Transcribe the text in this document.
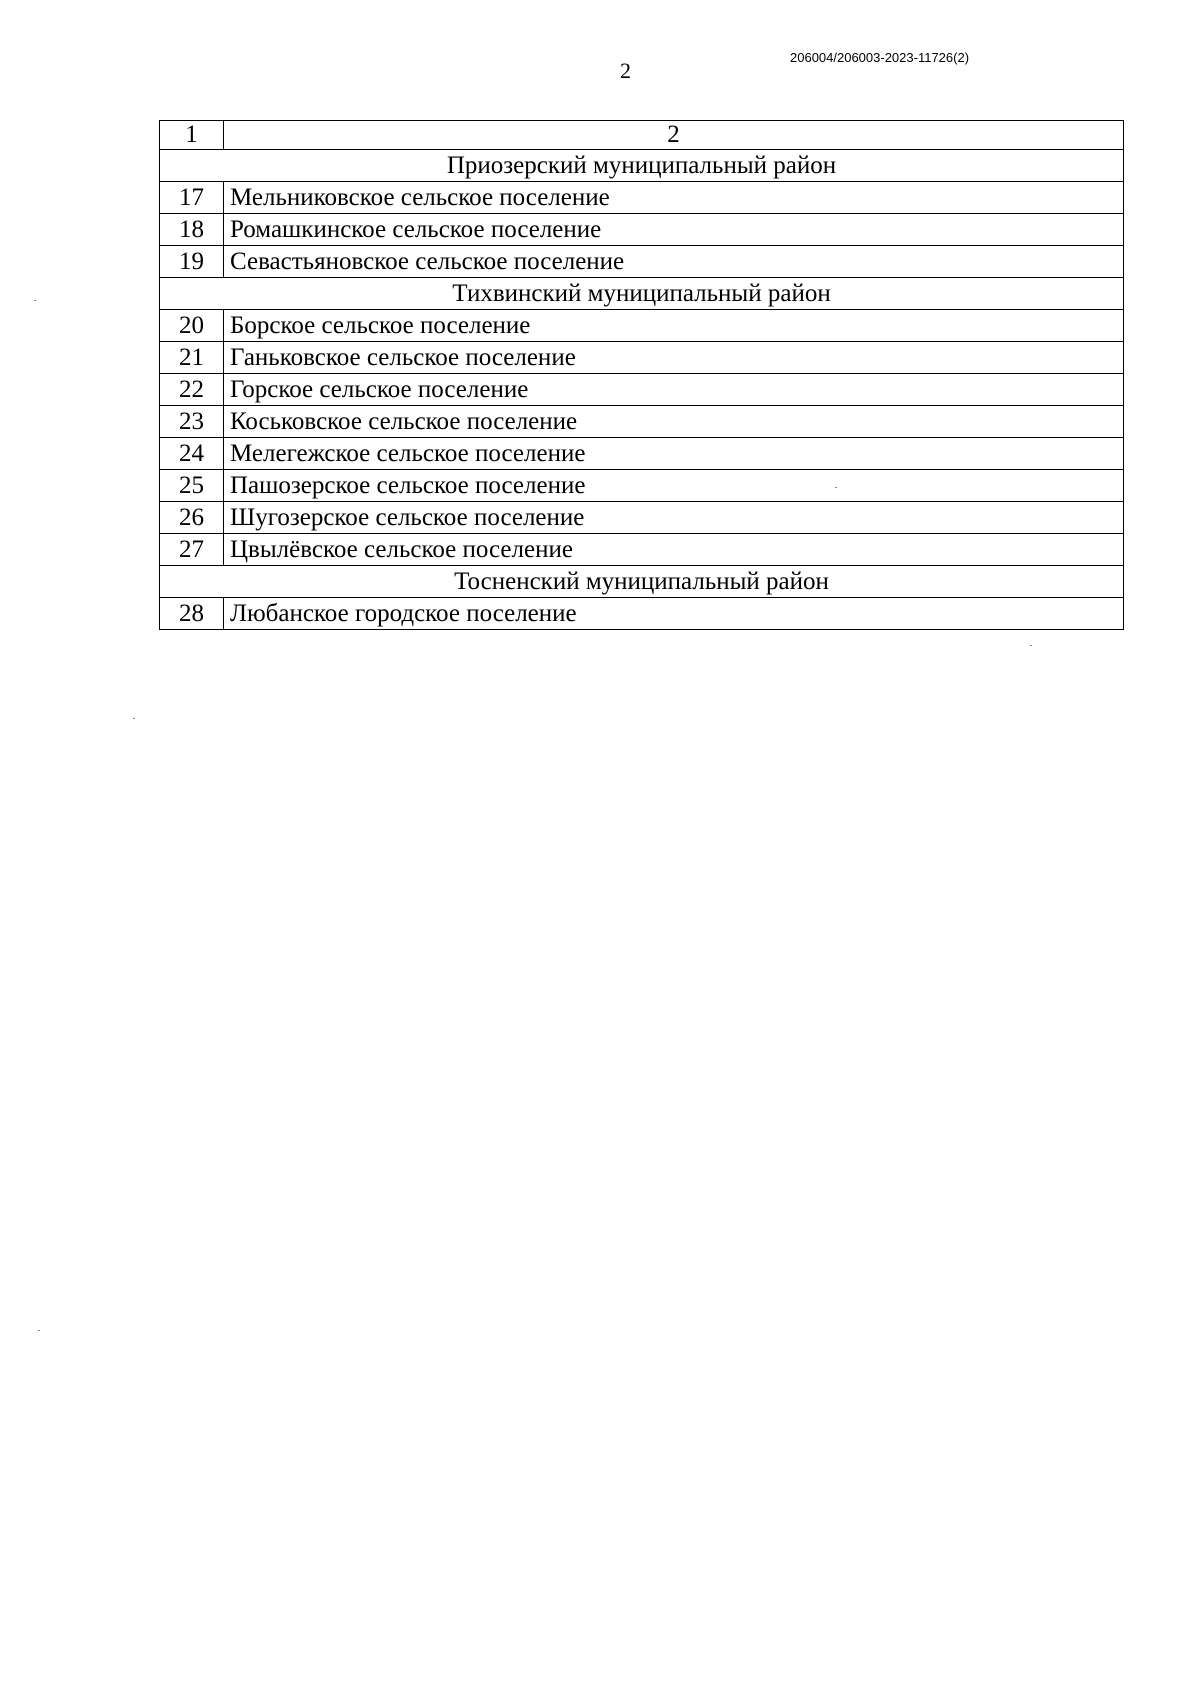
2
206004/206003-2023-11726(2)
1	2
Приозерский муниципальный район	
17	Мельниковское сельское поселение
18	Ромашкинское сельское поселение
19	Севастьяновское сельское поселение
Тихвинский муниципальный район	
20	Борское сельское поселение
21	Ганьковское сельское поселение
22	Горское сельское поселение
23	Коськовское сельское поселение
24	Мелегежское сельское поселение
25	Пашозерское сельское поселение
26	Шугозерское сельское поселение
27	Цвылёвское сельское поселение
Тосненский муниципальный район	
28	Любанское городское поселение
